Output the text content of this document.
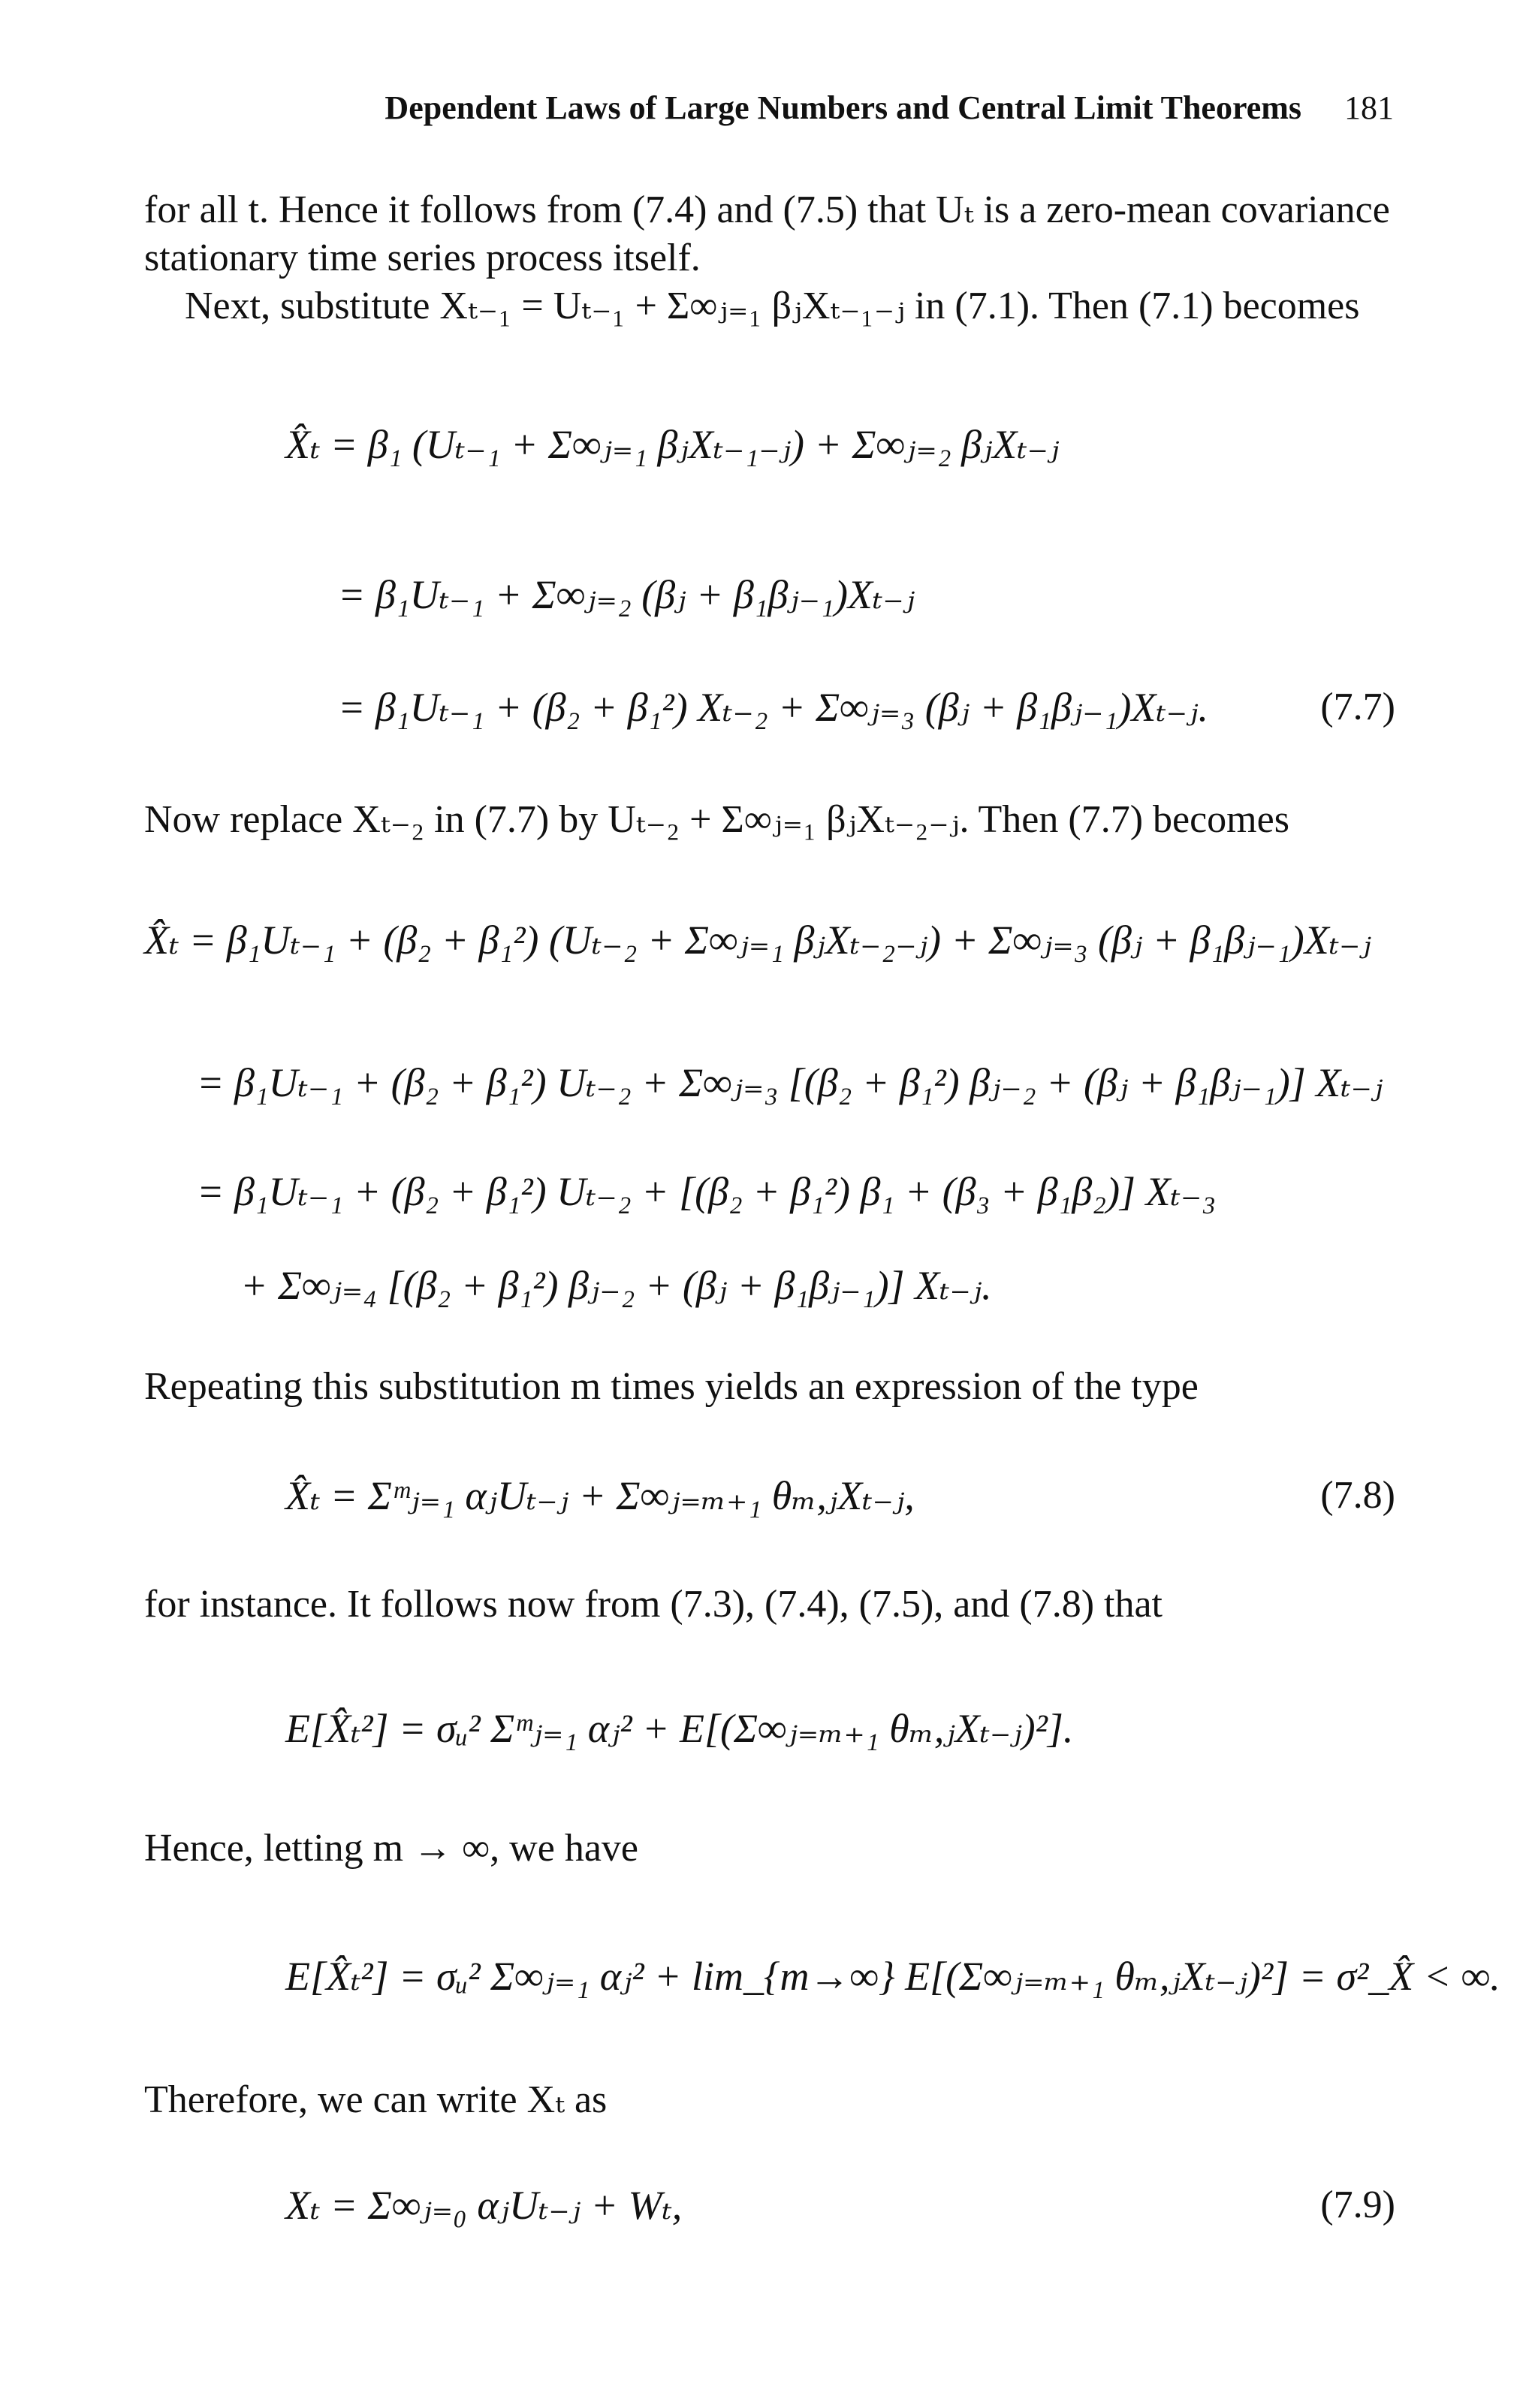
Dependent Laws of Large Numbers and Central Limit Theorems 181
for all t. Hence it follows from (7.4) and (7.5) that Uₜ is a zero-mean covariance stationary time series process itself.
Next, substitute Xₜ₋₁ = Uₜ₋₁ + Σ∞ⱼ₌₁ βⱼXₜ₋₁₋ⱼ in (7.1). Then (7.1) becomes
X̂ₜ = β₁ (Uₜ₋₁ + Σ∞ⱼ₌₁ βⱼXₜ₋₁₋ⱼ) + Σ∞ⱼ₌₂ βⱼXₜ₋ⱼ
= β₁Uₜ₋₁ + Σ∞ⱼ₌₂ (βⱼ + β₁βⱼ₋₁)Xₜ₋ⱼ
= β₁Uₜ₋₁ + (β₂ + β₁²) Xₜ₋₂ + Σ∞ⱼ₌₃ (βⱼ + β₁βⱼ₋₁)Xₜ₋ⱼ.	(7.7)
Now replace Xₜ₋₂ in (7.7) by Uₜ₋₂ + Σ∞ⱼ₌₁ βⱼXₜ₋₂₋ⱼ. Then (7.7) becomes
X̂ₜ = β₁Uₜ₋₁ + (β₂ + β₁²) (Uₜ₋₂ + Σ∞ⱼ₌₁ βⱼXₜ₋₂₋ⱼ) + Σ∞ⱼ₌₃ (βⱼ + β₁βⱼ₋₁)Xₜ₋ⱼ
= β₁Uₜ₋₁ + (β₂ + β₁²) Uₜ₋₂ + Σ∞ⱼ₌₃ [(β₂ + β₁²) βⱼ₋₂ + (βⱼ + β₁βⱼ₋₁)] Xₜ₋ⱼ
= β₁Uₜ₋₁ + (β₂ + β₁²) Uₜ₋₂ + [(β₂ + β₁²) β₁ + (β₃ + β₁β₂)] Xₜ₋₃
+ Σ∞ⱼ₌₄ [(β₂ + β₁²) βⱼ₋₂ + (βⱼ + β₁βⱼ₋₁)] Xₜ₋ⱼ.
Repeating this substitution m times yields an expression of the type
X̂ₜ = Σᵐⱼ₌₁ αⱼUₜ₋ⱼ + Σ∞ⱼ₌ₘ₊₁ θₘ,ⱼXₜ₋ⱼ,	(7.8)
for instance. It follows now from (7.3), (7.4), (7.5), and (7.8) that
E[X̂ₜ²] = σᵤ² Σᵐⱼ₌₁ αⱼ² + E[(Σ∞ⱼ₌ₘ₊₁ θₘ,ⱼXₜ₋ⱼ)²].
Hence, letting m → ∞, we have
E[X̂ₜ²] = σᵤ² Σ∞ⱼ₌₁ αⱼ² + lim_{m→∞} E[(Σ∞ⱼ₌ₘ₊₁ θₘ,ⱼXₜ₋ⱼ)²] = σ²_X̂ < ∞.
Therefore, we can write Xₜ as
Xₜ = Σ∞ⱼ₌₀ αⱼUₜ₋ⱼ + Wₜ,	(7.9)
